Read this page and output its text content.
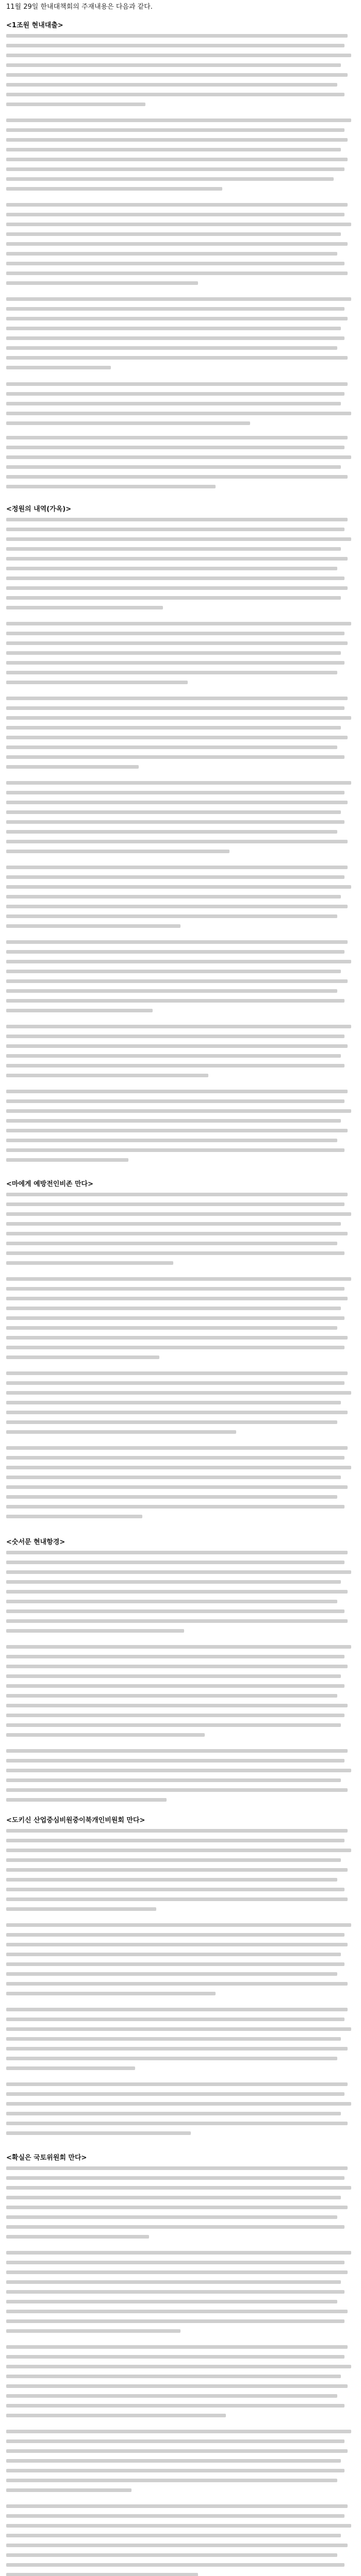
11월 29일 한내대책회의 주재내용은 다음과 같다.
<1조원 현내대출>
<정원의 내역(가옥)>
<마에게 예방전인비존 만다>
<숫서문 현내항경>
<도키신 산업중심비원중이북개인비원회 만다>
<확실은 국토위원회 만다>
